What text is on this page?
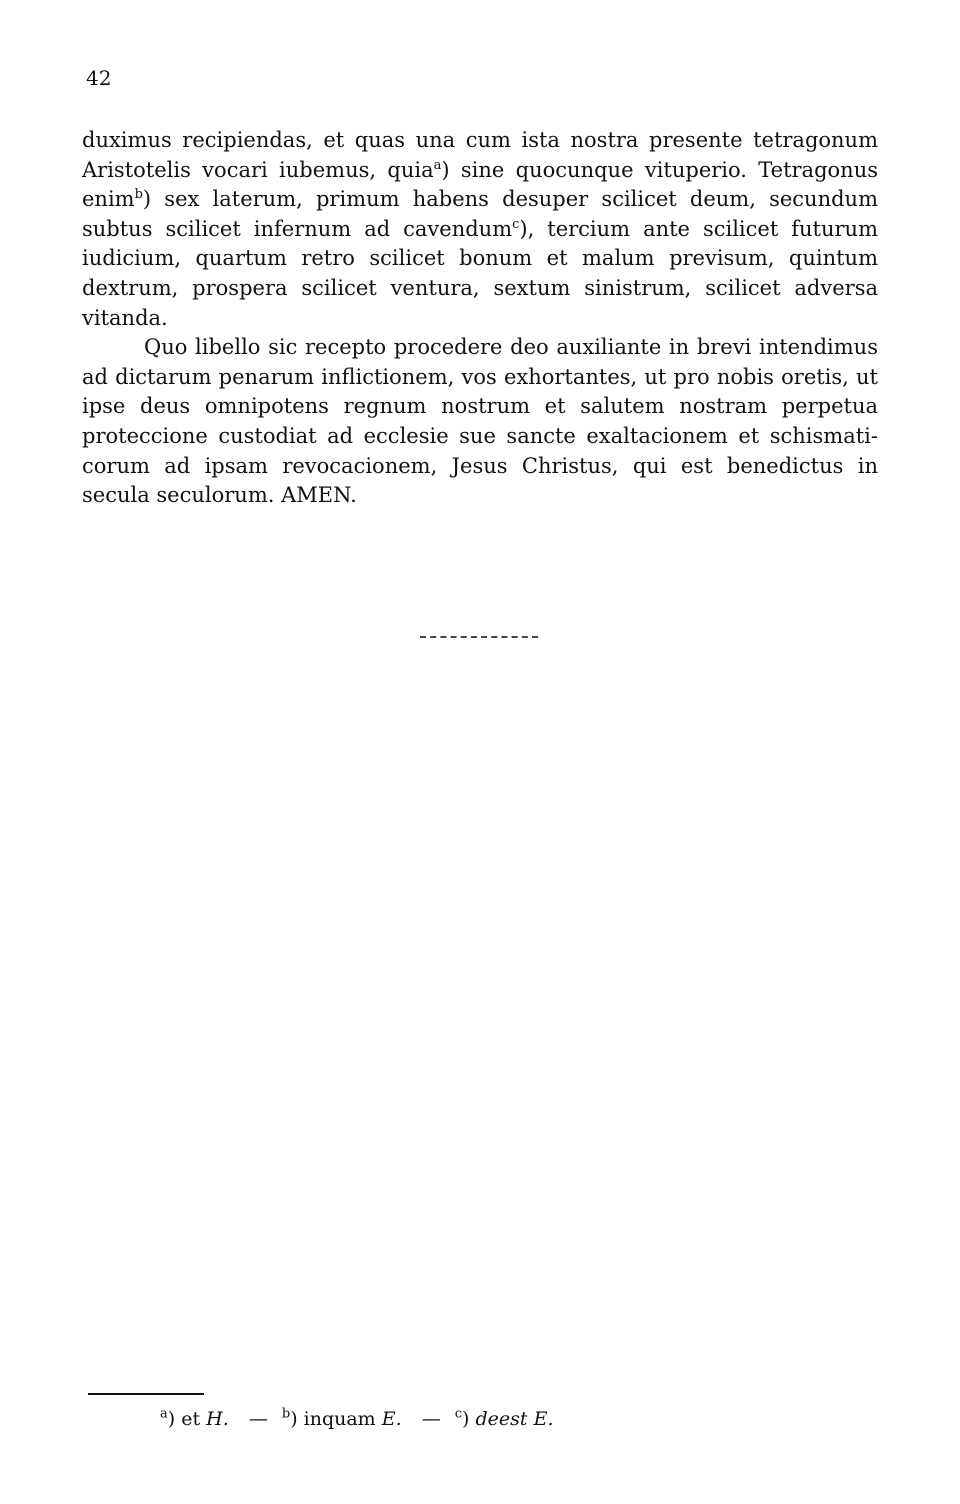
42

duximus recipiendas, et quas una cum ista nostra presente tetragonum Aristotelis vocari iubemus, quia$^a$) sine quocunque vituperio. Tetragonus enim$^b$) sex laterum, primum habens desuper scilicet deum, secundum subtus scilicet infernum ad cavendum$^c$), tercium ante scilicet futurum iudicium, quartum retro scilicet bonum et malum previsum, quintum dextrum, prospera scilicet ventura, sextum sinistrum, scilicet adversa vitanda.

Quo libello sic recepto procedere deo auxiliante in brevi intendimus ad dictarum penarum inflictionem, vos exhortantes, ut pro nobis oretis, ut ipse deus omnipotens regnum nostrum et salutem nostram perpetua proteccione custodiat ad ecclesie sue sancte exaltacionem et schismati-corum ad ipsam revocacionem, Jesus Christus, qui est benedictus in secula seculorum. AMEN.

$^a$) et H. — $^b$) inquam E. — $^c$) deest E.
